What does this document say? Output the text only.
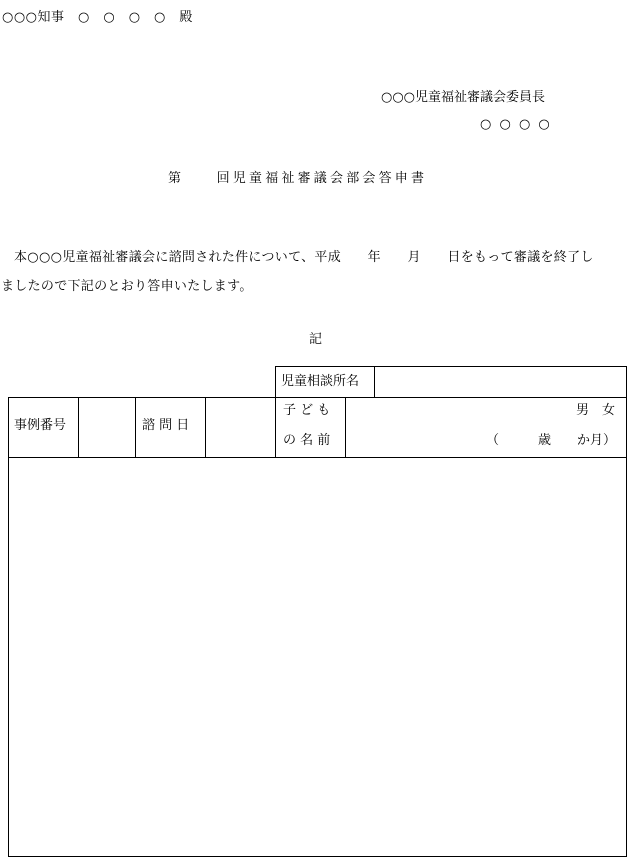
○○○知事　○　○　○　○　殿
○○○児童福祉審議会委員長
○ ○ ○ ○
第　　回児童福祉審議会部会答申書
本○○○児童福祉審議会に諮問された件について、平成　　年　　月　　日をもって審議を終了し
ましたので下記のとおり答申いたします。
記
児童相談所名
事例番号	諮 問 日
子 ど も
の 名 前
男　女
（　　　歳　　か月）
